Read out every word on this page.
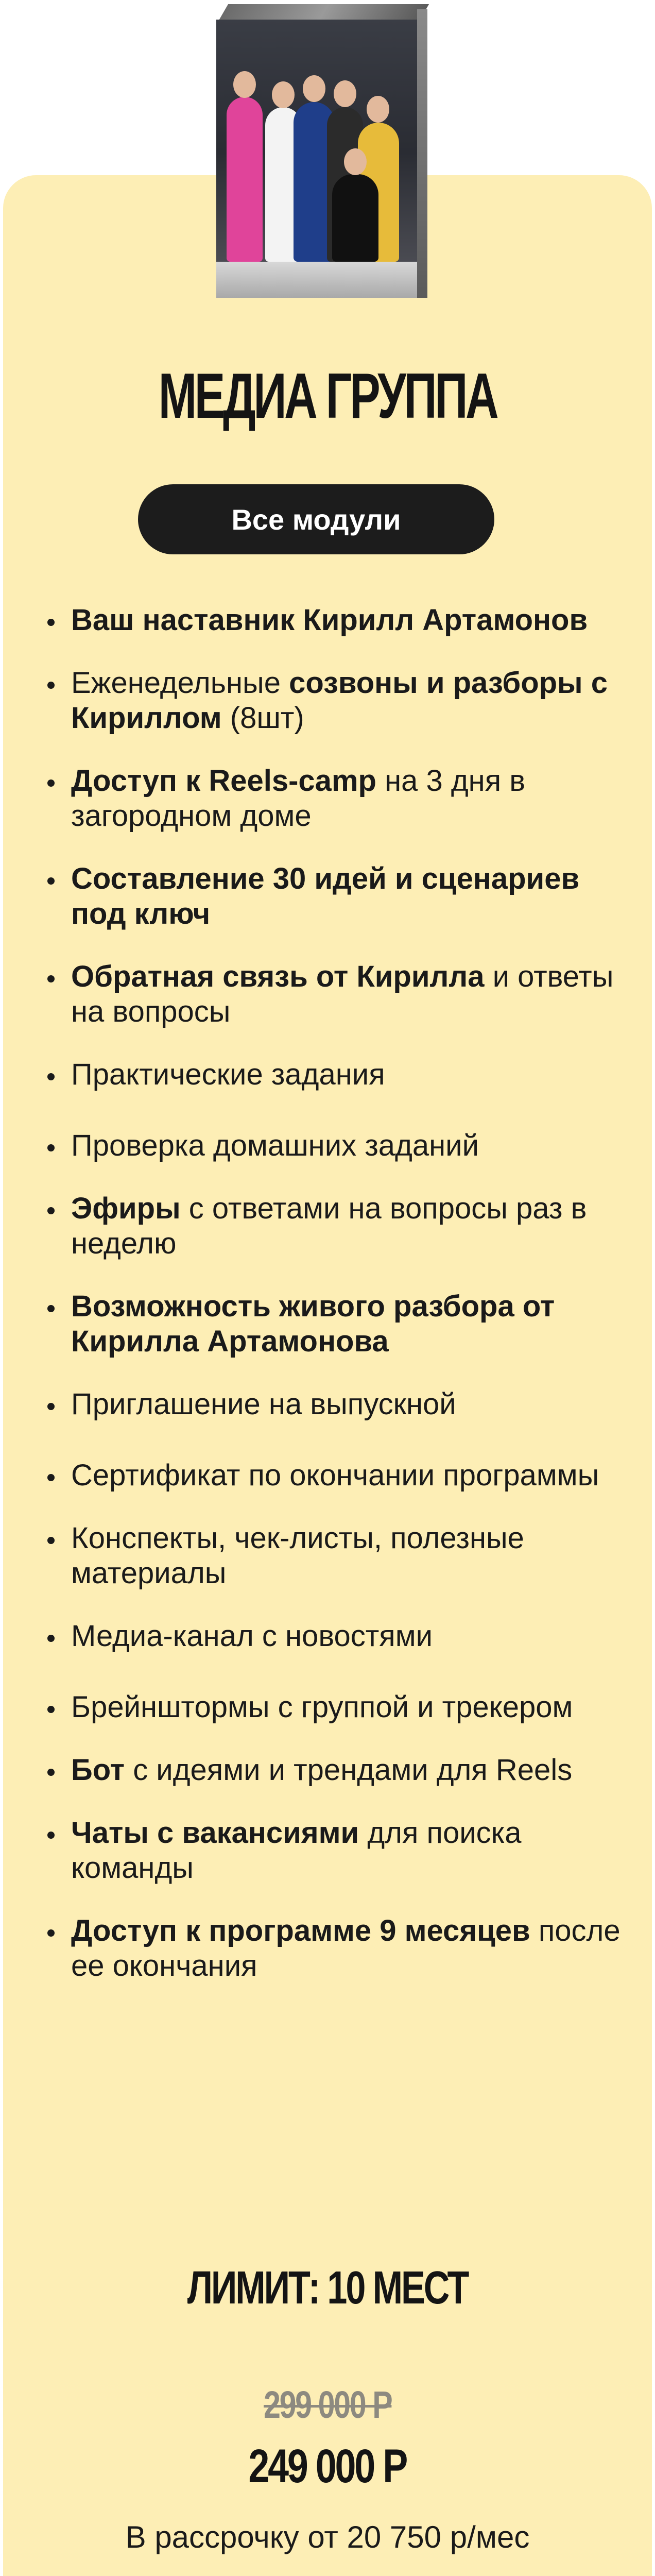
МЕДИА ГРУППА
Все модули
Ваш наставник Кирилл Артамонов
Еженедельные созвоны и разборы с Кириллом (8шт)
Доступ к Reels-camp на 3 дня в загородном доме
Составление 30 идей и сценариев под ключ
Обратная связь от Кирилла и ответы на вопросы
Практические задания
Проверка домашних заданий
Эфиры с ответами на вопросы раз в неделю
Возможность живого разбора от Кирилла Артамонова
Приглашение на выпускной
Сертификат по окончании программы
Конспекты, чек-листы, полезные материалы
Медиа-канал с новостями
Брейнштормы с группой и трекером
Бот с идеями и трендами для Reels
Чаты с вакансиями для поиска команды
Доступ к программе 9 месяцев после ее окончания
ЛИМИТ: 10 МЕСТ
299 000 Р
249 000 Р
В рассрочку от 20 750 р/мес
